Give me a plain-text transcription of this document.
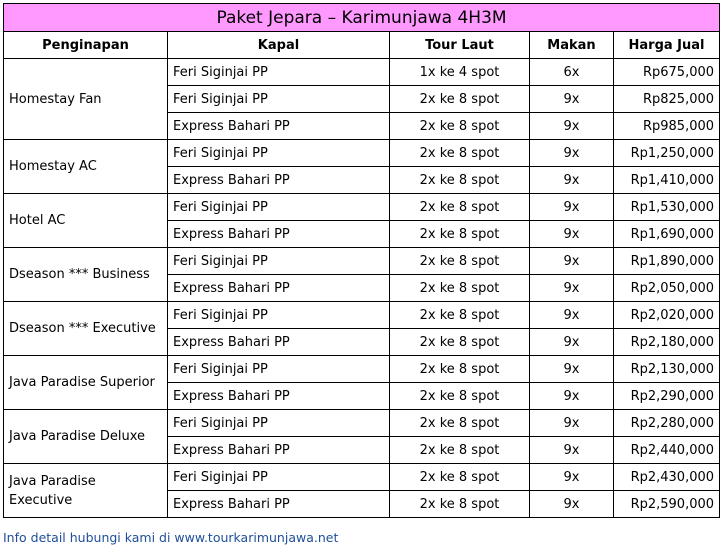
Paket Jepara – Karimunjawa 4H3M				
Penginapan	Kapal	Tour Laut	Makan	Harga Jual
Homestay Fan	Feri Siginjai PP	1x ke 4 spot	6x	Rp675,000
	Feri Siginjai PP	2x ke 8 spot	9x	Rp825,000
	Express Bahari PP	2x ke 8 spot	9x	Rp985,000
Homestay AC	Feri Siginjai PP	2x ke 8 spot	9x	Rp1,250,000
	Express Bahari PP	2x ke 8 spot	9x	Rp1,410,000
Hotel AC	Feri Siginjai PP	2x ke 8 spot	9x	Rp1,530,000
	Express Bahari PP	2x ke 8 spot	9x	Rp1,690,000
Dseason *** Business	Feri Siginjai PP	2x ke 8 spot	9x	Rp1,890,000
	Express Bahari PP	2x ke 8 spot	9x	Rp2,050,000
Dseason *** Executive	Feri Siginjai PP	2x ke 8 spot	9x	Rp2,020,000
	Express Bahari PP	2x ke 8 spot	9x	Rp2,180,000
Java Paradise Superior	Feri Siginjai PP	2x ke 8 spot	9x	Rp2,130,000
	Express Bahari PP	2x ke 8 spot	9x	Rp2,290,000
Java Paradise Deluxe	Feri Siginjai PP	2x ke 8 spot	9x	Rp2,280,000
	Express Bahari PP	2x ke 8 spot	9x	Rp2,440,000
Java Paradise Executive	Feri Siginjai PP	2x ke 8 spot	9x	Rp2,430,000
	Express Bahari PP	2x ke 8 spot	9x	Rp2,590,000
Info detail hubungi kami di www.tourkarimunjawa.net
